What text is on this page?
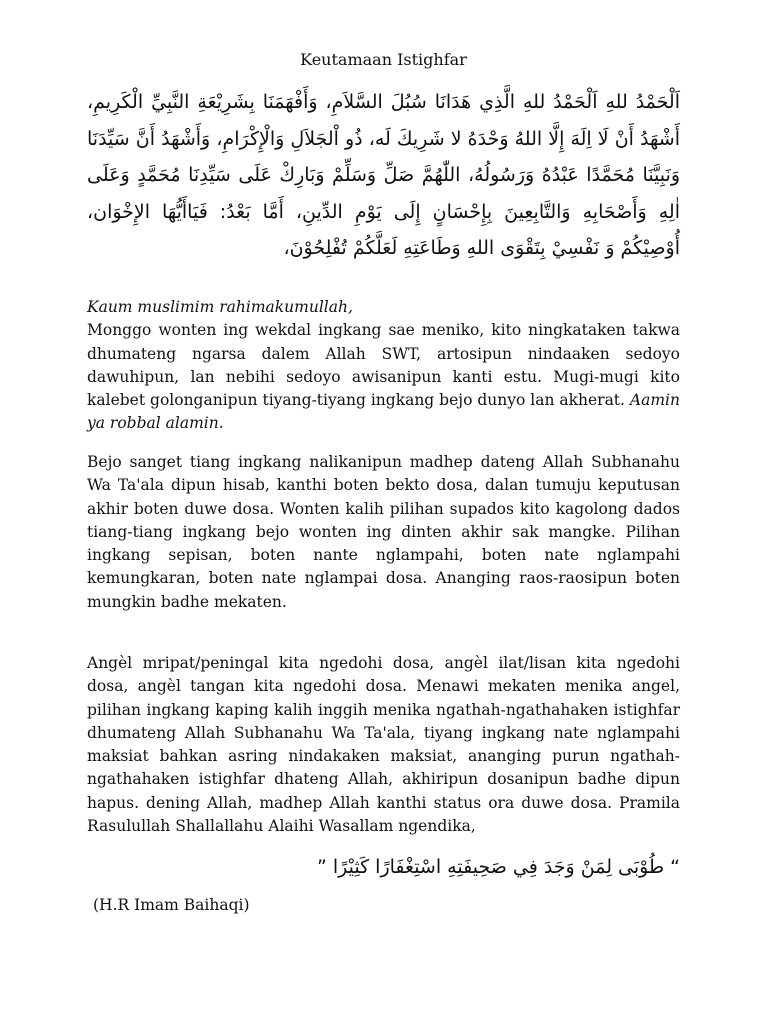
Keutamaan Istighfar
اَلْحَمْدُ للهِ اَلْحَمْدُ للهِ الَّذِي هَدَانَا سُبُلَ السَّلاَمِ، وَأَفْهَمَنَا بِشَرِيْعَةِ النَّبِيِّ الْكَرِيمِ، أَشْهَدُ أَنْ لَا اِلَهَ إِلَّا اللهُ وَحْدَهُ لا شَرِيكَ لَه، ذُو اْلجَلاَلِ وَالْإِكْرَامِ، وَأَشْهَدُ أَنَّ سَيِّدَنَا وَنَبِيَّنَا مُحَمَّدًا عَبْدُهُ وَرَسُولُهُ، اللّٰهُمَّ صَلِّ وَسَلِّمْ وَبَارِكْ عَلَى سَيِّدِنَا مُحَمَّدٍ وَعَلَى اٰلِهِ وَأَصْحَابِهِ وَالتَّابِعِينَ بِإِحْسَانٍ إِلَى يَوْمِ الدِّينِ، أَمَّا بَعْدُ: فَيَاأَيُّهَا الإِخْوَان، أُوْصِيْكُمْ وَ نَفْسِيْ بِتَقْوَى اللهِ وَطَاعَتِهِ لَعَلَّكُمْ تُفْلِحُوْنَ،
Kaum muslimim rahimakumullah,
Monggo wonten ing wekdal ingkang sae meniko, kito ningkataken takwa dhumateng ngarsa dalem Allah SWT, artosipun nindaaken sedoyo dawuhipun, lan nebihi sedoyo awisanipun kanti estu. Mugi-mugi kito kalebet golonganipun tiyang-tiyang ingkang bejo dunyo lan akherat. Aamin ya robbal alamin.
Bejo sanget tiang ingkang nalikanipun madhep dateng Allah Subhanahu Wa Ta'ala dipun hisab, kanthi boten bekto dosa, dalan tumuju keputusan akhir boten duwe dosa. Wonten kalih pilihan supados kito kagolong dados tiang-tiang ingkang bejo wonten ing dinten akhir sak mangke. Pilihan ingkang sepisan, boten nante nglampahi, boten nate nglampahi kemungkaran, boten nate nglampai dosa. Ananging raos-raosipun boten mungkin badhe mekaten.
Angèl mripat/peningal kita ngedohi dosa, angèl ilat/lisan kita ngedohi dosa, angèl tangan kita ngedohi dosa. Menawi mekaten menika angel, pilihan ingkang kaping kalih inggih menika ngathah-ngathahaken istighfar dhumateng Allah Subhanahu Wa Ta'ala, tiyang ingkang nate nglampahi maksiat bahkan asring nindakaken maksiat, ananging purun ngathah-ngathahaken istighfar dhateng Allah, akhiripun dosanipun badhe dipun hapus. dening Allah, madhep Allah kanthi status ora duwe dosa. Pramila Rasulullah Shallallahu Alaihi Wasallam ngendika,
“ طُوْبَى لِمَنْ وَجَدَ فِي صَحِيفَتِهِ اسْتِغْفَارًا كَثِيْرًا ”
(H.R Imam Baihaqi)
